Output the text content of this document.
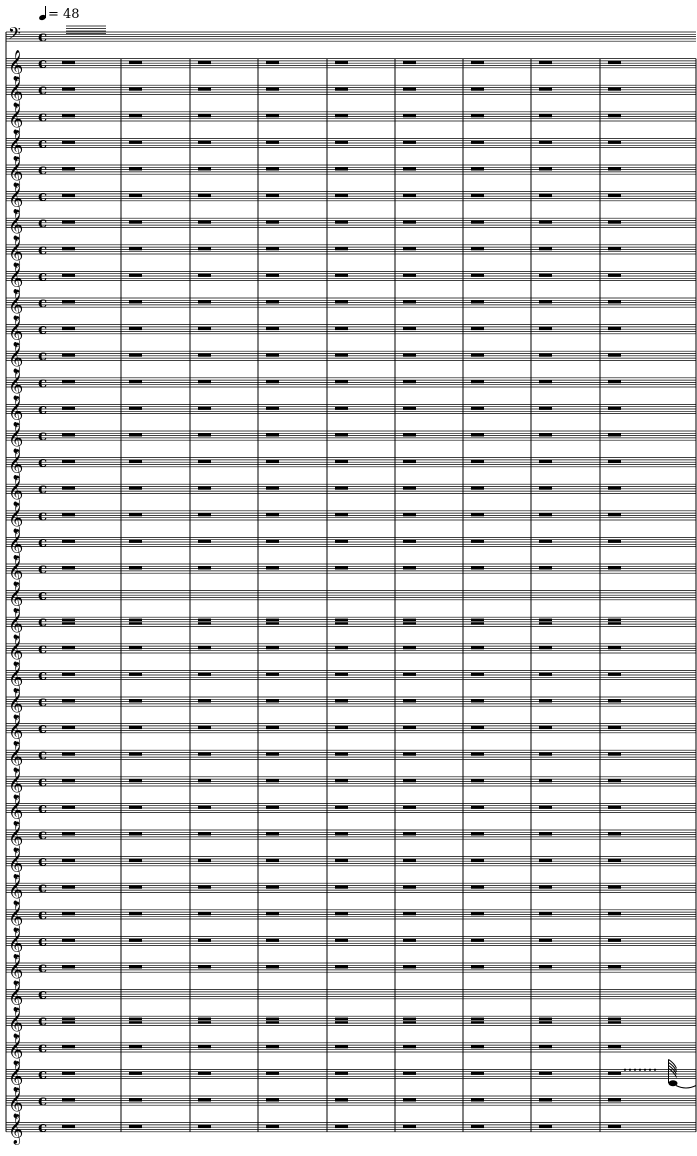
= 48
𝄢 c
𝄞 c
𝄞 c
𝄞 c
𝄞 c
𝄞 c
𝄞 c
𝄞 c
𝄞 c
𝄞 c
𝄞 c
𝄞 c
𝄞 c
𝄞 c
𝄞 c
𝄞 c
𝄞 c
𝄞 c
𝄞 c
𝄞 c
𝄞 c
𝄞 c
𝄞 c
𝄞 c
𝄞 c
𝄞 c
𝄞 c
𝄞 c
𝄞 c
𝄞 c
𝄞 c
𝄞 c
𝄞 c
𝄞 c
𝄞 c
𝄞 c
𝄞 c
𝄞 c
𝄞 c
𝄞 c
𝄞 c
𝄞 c
